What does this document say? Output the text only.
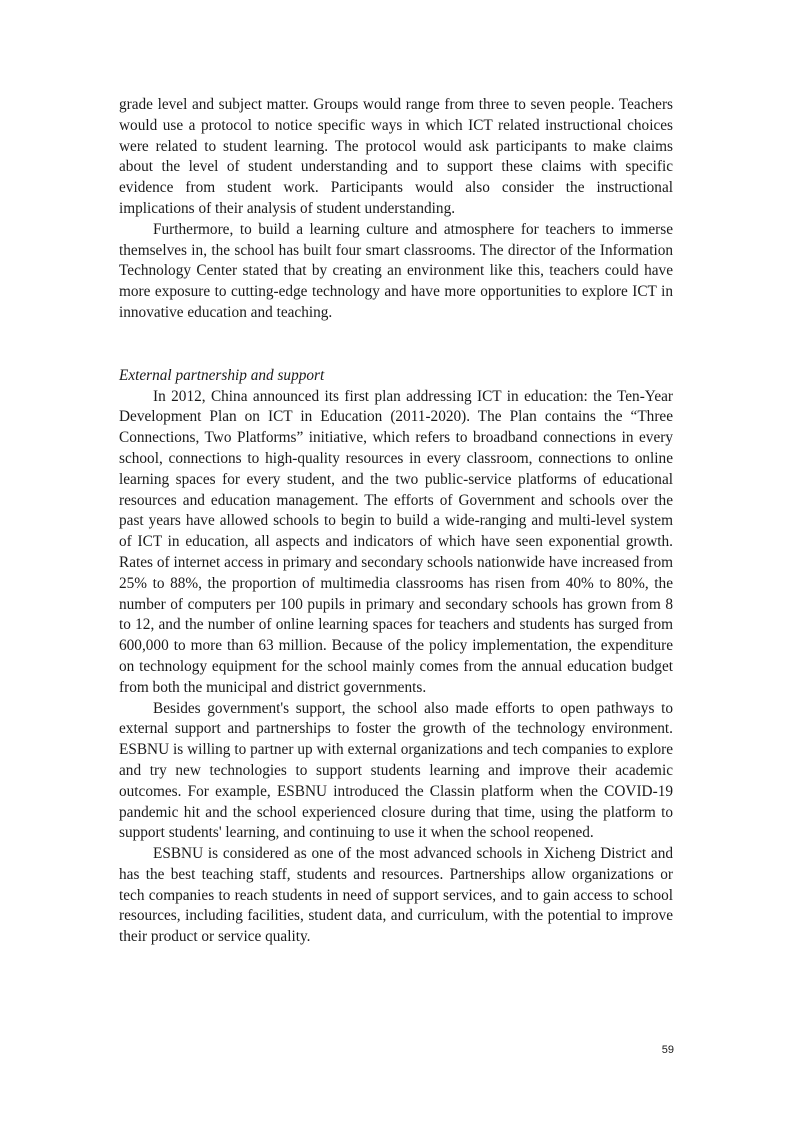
grade level and subject matter. Groups would range from three to seven people. Teachers would use a protocol to notice specific ways in which ICT related instructional choices were related to student learning. The protocol would ask participants to make claims about the level of student understanding and to support these claims with specific evidence from student work. Participants would also consider the instructional implications of their analysis of student understanding.

Furthermore, to build a learning culture and atmosphere for teachers to immerse themselves in, the school has built four smart classrooms. The director of the Information Technology Center stated that by creating an environment like this, teachers could have more exposure to cutting-edge technology and have more opportunities to explore ICT in innovative education and teaching.

External partnership and support

In 2012, China announced its first plan addressing ICT in education: the Ten-Year Development Plan on ICT in Education (2011-2020). The Plan contains the “Three Connections, Two Platforms” initiative, which refers to broadband connections in every school, connections to high-quality resources in every classroom, connections to online learning spaces for every student, and the two public-service platforms of educational resources and education management. The efforts of Government and schools over the past years have allowed schools to begin to build a wide-ranging and multi-level system of ICT in education, all aspects and indicators of which have seen exponential growth. Rates of internet access in primary and secondary schools nationwide have increased from 25% to 88%, the proportion of multimedia classrooms has risen from 40% to 80%, the number of computers per 100 pupils in primary and secondary schools has grown from 8 to 12, and the number of online learning spaces for teachers and students has surged from 600,000 to more than 63 million. Because of the policy implementation, the expenditure on technology equipment for the school mainly comes from the annual education budget from both the municipal and district governments.

Besides government's support, the school also made efforts to open pathways to external support and partnerships to foster the growth of the technology environment. ESBNU is willing to partner up with external organizations and tech companies to explore and try new technologies to support students learning and improve their academic outcomes. For example, ESBNU introduced the Classin platform when the COVID-19 pandemic hit and the school experienced closure during that time, using the platform to support students' learning, and continuing to use it when the school reopened.

ESBNU is considered as one of the most advanced schools in Xicheng District and has the best teaching staff, students and resources. Partnerships allow organizations or tech companies to reach students in need of support services, and to gain access to school resources, including facilities, student data, and curriculum, with the potential to improve their product or service quality.

59
